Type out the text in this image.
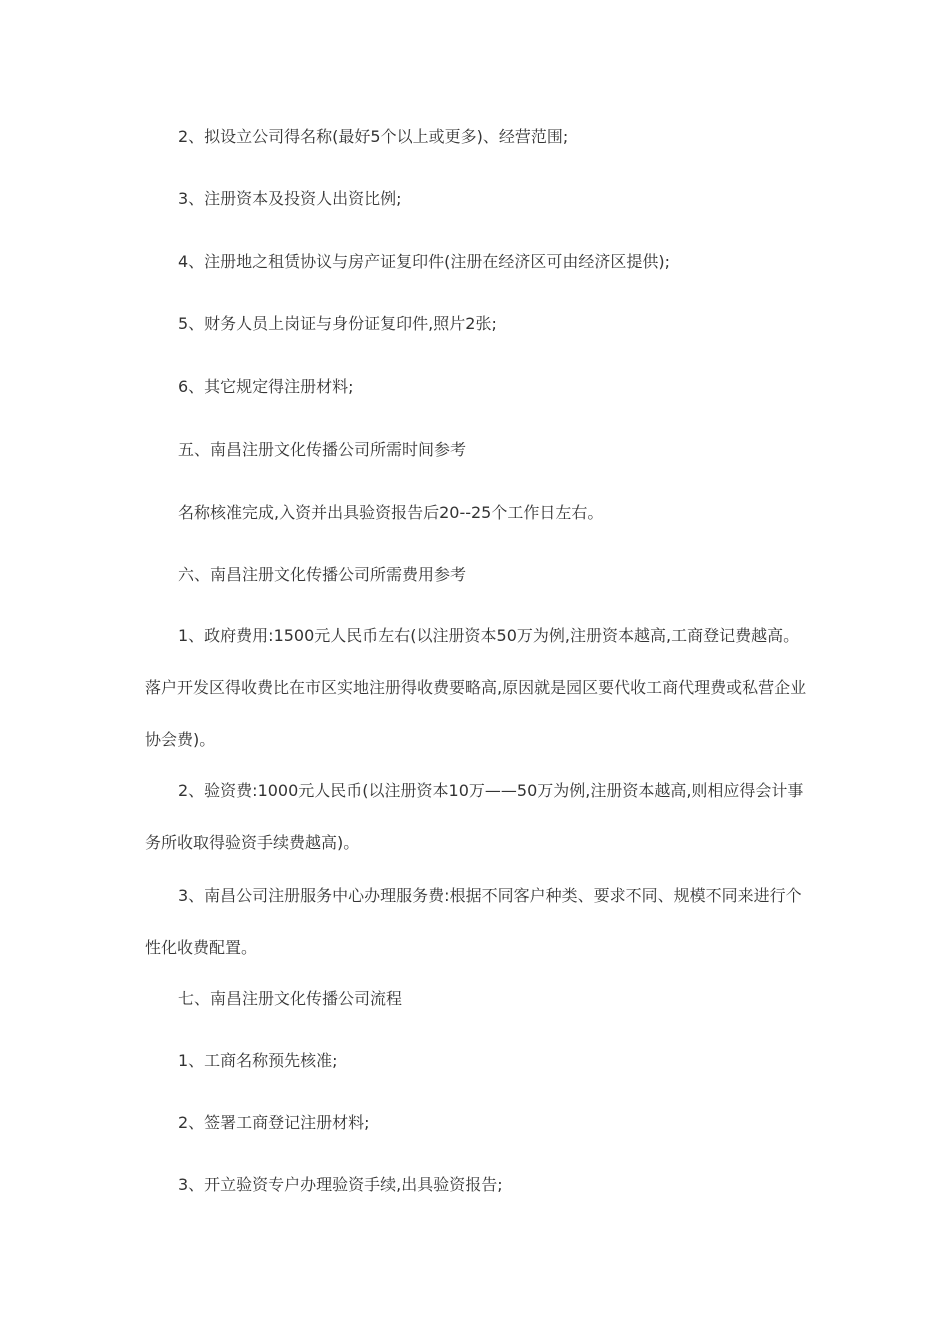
2、拟设立公司得名称(最好5个以上或更多)、经营范围;

3、注册资本及投资人出资比例;

4、注册地之租赁协议与房产证复印件(注册在经济区可由经济区提供);

5、财务人员上岗证与身份证复印件,照片2张;

6、其它规定得注册材料;

五、南昌注册文化传播公司所需时间参考

名称核准完成,入资并出具验资报告后20--25个工作日左右。

六、南昌注册文化传播公司所需费用参考

1、政府费用:1500元人民币左右(以注册资本50万为例,注册资本越高,工商登记费越高。落户开发区得收费比在市区实地注册得收费要略高,原因就是园区要代收工商代理费或私营企业协会费)。

2、验资费:1000元人民币(以注册资本10万——50万为例,注册资本越高,则相应得会计事务所收取得验资手续费越高)。

3、南昌公司注册服务中心办理服务费:根据不同客户种类、要求不同、规模不同来进行个性化收费配置。

七、南昌注册文化传播公司流程

1、工商名称预先核准;

2、签署工商登记注册材料;

3、开立验资专户办理验资手续,出具验资报告;
